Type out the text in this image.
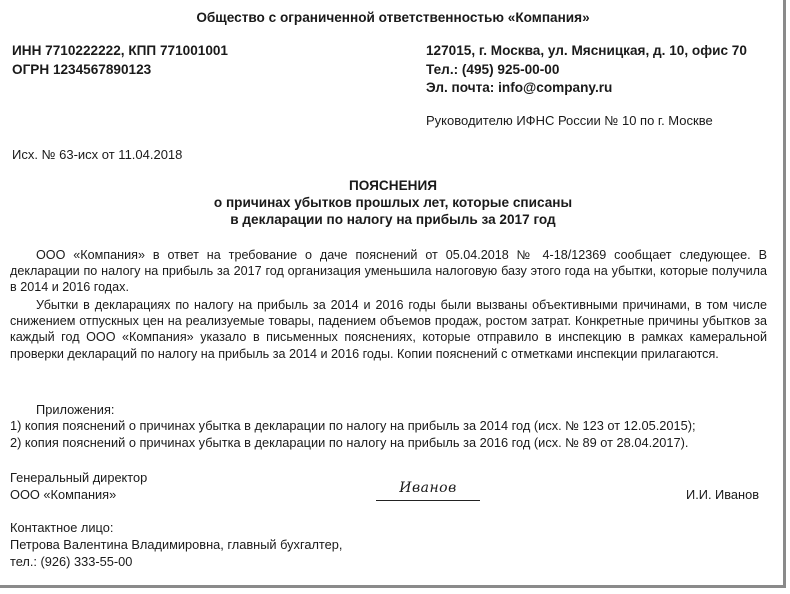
Общество с ограниченной ответственностью «Компания»
ИНН 7710222222, КПП 771001001
ОГРН 1234567890123
127015, г. Москва, ул. Мясницкая, д. 10, офис 70
Тел.: (495) 925-00-00
Эл. почта: info@company.ru
Руководителю ИФНС России № 10 по г. Москве
Исх. № 63-исх от 11.04.2018
ПОЯСНЕНИЯ
о причинах убытков прошлых лет, которые списаны
в декларации по налогу на прибыль за 2017 год
ООО «Компания» в ответ на требование о даче пояснений от 05.04.2018 № 4-18/12369 сообщает следующее. В декларации по налогу на прибыль за 2017 год организация уменьшила налоговую базу этого года на убытки, которые получила в 2014 и 2016 годах.
Убытки в декларациях по налогу на прибыль за 2014 и 2016 годы были вызваны объективными причинами, в том числе снижением отпускных цен на реализуемые товары, падением объемов продаж, ростом затрат. Конкретные причины убытков за каждый год ООО «Компания» указало в письменных пояснениях, которые отправило в инспекцию в рамках камеральной проверки деклараций по налогу на прибыль за 2014 и 2016 годы. Копии пояснений с отметками инспекции прилагаются.
Приложения:
1) копия пояснений о причинах убытка в декларации по налогу на прибыль за 2014 год (исх. № 123 от 12.05.2015);
2) копия пояснений о причинах убытка в декларации по налогу на прибыль за 2016 год (исх. № 89 от 28.04.2017).
Генеральный директор
ООО «Компания»	Иванов	И.И. Иванов
Контактное лицо:
Петрова Валентина Владимировна, главный бухгалтер,
тел.: (926) 333-55-00
